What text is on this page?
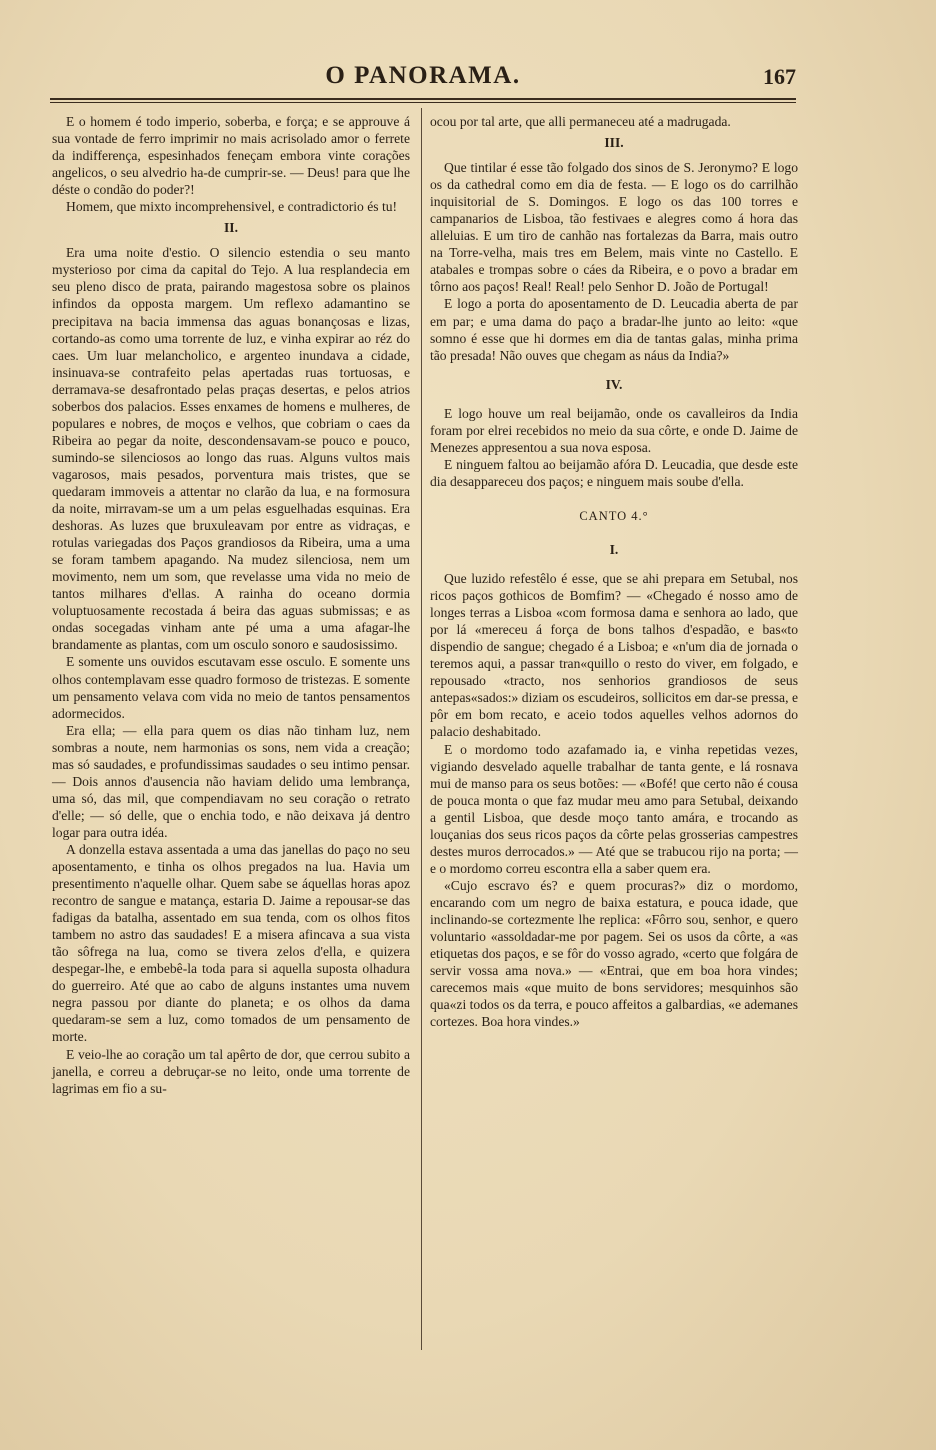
O PANORAMA.	167

E o homem é todo imperio, soberba, e força; e se approuve á sua vontade de ferro imprimir no mais acrisolado amor o ferrete da indifferença, espesinhados feneçam embora vinte corações angelicos, o seu alvedrio ha-de cumprir-se. — Deus! para que lhe déste o condão do poder?!

Homem, que mixto incomprehensivel, e contradictorio és tu!

II.

Era uma noite d'estio. O silencio estendia o seu manto mysterioso por cima da capital do Tejo. A lua resplandecia em seu pleno disco de prata, pairando magestosa sobre os plainos infindos da opposta margem. Um reflexo adamantino se precipitava na bacia immensa das aguas bonançosas e lizas, cortando-as como uma torrente de luz, e vinha expirar ao réz do caes. Um luar melancholico, e argenteo inundava a cidade, insinuava-se contrafeito pelas apertadas ruas tortuosas, e derramava-se desafrontado pelas praças desertas, e pelos atrios soberbos dos palacios. Esses enxames de homens e mulheres, de populares e nobres, de moços e velhos, que cobriam o caes da Ribeira ao pegar da noite, descondensavam-se pouco e pouco, sumindo-se silenciosos ao longo das ruas. Alguns vultos mais vagarosos, mais pesados, porventura mais tristes, que se quedaram immoveis a attentar no clarão da lua, e na formosura da noite, mirravam-se um a um pelas esguelhadas esquinas. Era deshoras. As luzes que bruxuleavam por entre as vidraças, e rotulas variegadas dos Paços grandiosos da Ribeira, uma a uma se foram tambem apagando. Na mudez silenciosa, nem um movimento, nem um som, que revelasse uma vida no meio de tantos milhares d'ellas. A rainha do oceano dormia voluptuosamente recostada á beira das aguas submissas; e as ondas socegadas vinham ante pé uma a uma afagar-lhe brandamente as plantas, com um osculo sonoro e saudosissimo.

E somente uns ouvidos escutavam esse osculo. E somente uns olhos contemplavam esse quadro formoso de tristezas. E somente um pensamento velava com vida no meio de tantos pensamentos adormecidos.

Era ella; — ella para quem os dias não tinham luz, nem sombras a noute, nem harmonias os sons, nem vida a creação; mas só saudades, e profundissimas saudades o seu intimo pensar. — Dois annos d'ausencia não haviam delido uma lembrança, uma só, das mil, que compendiavam no seu coração o retrato d'elle; — só delle, que o enchia todo, e não deixava já dentro logar para outra idéa.

A donzella estava assentada a uma das janellas do paço no seu aposentamento, e tinha os olhos pregados na lua. Havia um presentimento n'aquelle olhar. Quem sabe se áquellas horas apoz recontro de sangue e matança, estaria D. Jaime a repousar-se das fadigas da batalha, assentado em sua tenda, com os olhos fitos tambem no astro das saudades! E a misera afincava a sua vista tão sôfrega na lua, como se tivera zelos d'ella, e quizera despegar-lhe, e embebê-la toda para si aquella suposta olhadura do guerreiro. Até que ao cabo de alguns instantes uma nuvem negra passou por diante do planeta; e os olhos da dama quedaram-se sem a luz, como tomados de um pensamento de morte.

E veio-lhe ao coração um tal apêrto de dor, que cerrou subito a janella, e correu a debruçar-se no leito, onde uma torrente de lagrimas em fio a su-

ocou por tal arte, que alli permaneceu até a madrugada.

III.

Que tintilar é esse tão folgado dos sinos de S. Jeronymo? E logo os da cathedral como em dia de festa. — E logo os do carrilhão inquisitorial de S. Domingos. E logo os das 100 torres e campanarios de Lisboa, tão festivaes e alegres como á hora das alleluias. E um tiro de canhão nas fortalezas da Barra, mais outro na Torre-velha, mais tres em Belem, mais vinte no Castello. E atabales e trompas sobre o cáes da Ribeira, e o povo a bradar em tôrno aos paços! Real! Real! pelo Senhor D. João de Portugal!

E logo a porta do aposentamento de D. Leucadia aberta de par em par; e uma dama do paço a bradar-lhe junto ao leito: «que somno é esse que hi dormes em dia de tantas galas, minha prima tão presada! Não ouves que chegam as náus da India?»

IV.

E logo houve um real beijamão, onde os cavalleiros da India foram por elrei recebidos no meio da sua côrte, e onde D. Jaime de Menezes appresentou a sua nova esposa.

E ninguem faltou ao beijamão afóra D. Leucadia, que desde este dia desappareceu dos paços; e ninguem mais soube d'ella.

CANTO 4.°
I.

Que luzido refestêlo é esse, que se ahi prepara em Setubal, nos ricos paços gothicos de Bomfim? — «Chegado é nosso amo de longes terras a Lisboa «com formosa dama e senhora ao lado, que por lá «mereceu á força de bons talhos d'espadão, e bas«to dispendio de sangue; chegado é a Lisboa; e «n'um dia de jornada o teremos aqui, a passar tran«quillo o resto do viver, em folgado, e repousado «tracto, nos senhorios grandiosos de seus antepas«sados:» diziam os escudeiros, sollicitos em dar-se pressa, e pôr em bom recato, e aceio todos aquelles velhos adornos do palacio deshabitado.

E o mordomo todo azafamado ia, e vinha repetidas vezes, vigiando desvelado aquelle trabalhar de tanta gente, e lá rosnava mui de manso para os seus botões: — «Bofé! que certo não é cousa de pouca monta o que faz mudar meu amo para Setubal, deixando a gentil Lisboa, que desde moço tanto amára, e trocando as louçanias dos seus ricos paços da côrte pelas grosserias campestres destes muros derrocados.» — Até que se trabucou rijo na porta; — e o mordomo correu escontra ella a saber quem era.

«Cujo escravo és? e quem procuras?» diz o mordomo, encarando com um negro de baixa estatura, e pouca idade, que inclinando-se cortezmente lhe replica: «Fôrro sou, senhor, e quero voluntario «assoldadar-me por pagem. Sei os usos da côrte, a «as etiquetas dos paços, e se fôr do vosso agrado, «certo que folgára de servir vossa ama nova.» — «Entrai, que em boa hora vindes; carecemos mais «que muito de bons servidores; mesquinhos são qua«zi todos os da terra, e pouco affeitos a galbardias, «e ademanes cortezes. Boa hora vindes.»
